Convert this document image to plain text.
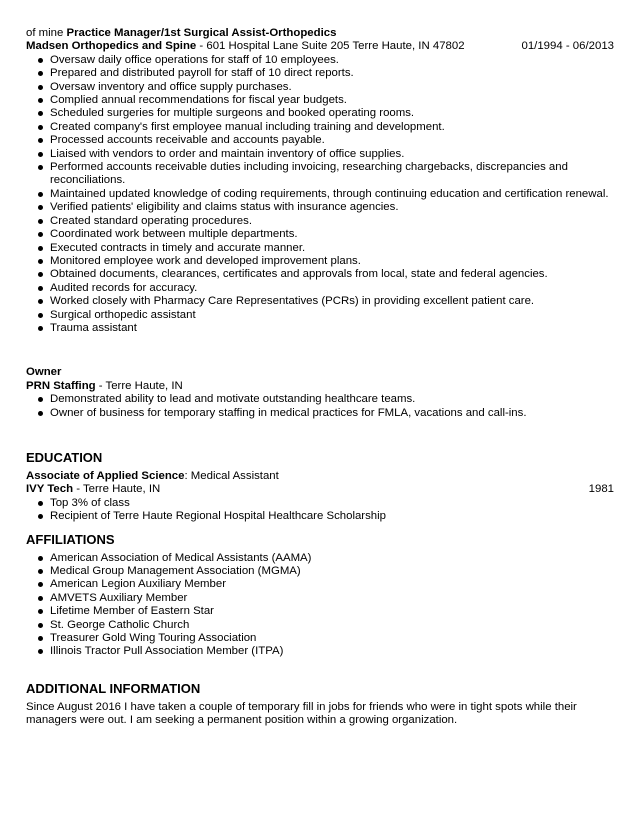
of mine Practice Manager/1st Surgical Assist-Orthopedics
Madsen Orthopedics and Spine - 601 Hospital Lane Suite 205 Terre Haute, IN 47802	01/1994 - 06/2013
Oversaw daily office operations for staff of 10 employees.
Prepared and distributed payroll for staff of 10 direct reports.
Oversaw inventory and office supply purchases.
Complied annual recommendations for fiscal year budgets.
Scheduled surgeries for multiple surgeons and booked operating rooms.
Created company's first employee manual including training and development.
Processed accounts receivable and accounts payable.
Liaised with vendors to order and maintain inventory of office supplies.
Performed accounts receivable duties including invoicing, researching chargebacks, discrepancies and reconciliations.
Maintained updated knowledge of coding requirements, through continuing education and certification renewal.
Verified patients' eligibility and claims status with insurance agencies.
Created standard operating procedures.
Coordinated work between multiple departments.
Executed contracts in timely and accurate manner.
Monitored employee work and developed improvement plans.
Obtained documents, clearances, certificates and approvals from local, state and federal agencies.
Audited records for accuracy.
Worked closely with Pharmacy Care Representatives (PCRs) in providing excellent patient care.
Surgical orthopedic assistant
Trauma assistant
Owner
PRN Staffing - Terre Haute, IN
Demonstrated ability to lead and motivate outstanding healthcare teams.
Owner of business for temporary staffing in medical practices for FMLA, vacations and call-ins.
EDUCATION
Associate of Applied Science: Medical Assistant
IVY Tech - Terre Haute, IN	1981
Top 3% of class
Recipient of Terre Haute Regional Hospital Healthcare Scholarship
AFFILIATIONS
American Association of Medical Assistants (AAMA)
Medical Group Management Association (MGMA)
American Legion Auxiliary Member
AMVETS Auxiliary Member
Lifetime Member of Eastern Star
St. George Catholic Church
Treasurer Gold Wing Touring Association
Illinois Tractor Pull Association Member (ITPA)
ADDITIONAL INFORMATION
Since August 2016 I have taken a couple of temporary fill in jobs for friends who were in tight spots while their managers were out. I am seeking a permanent position within a growing organization.
